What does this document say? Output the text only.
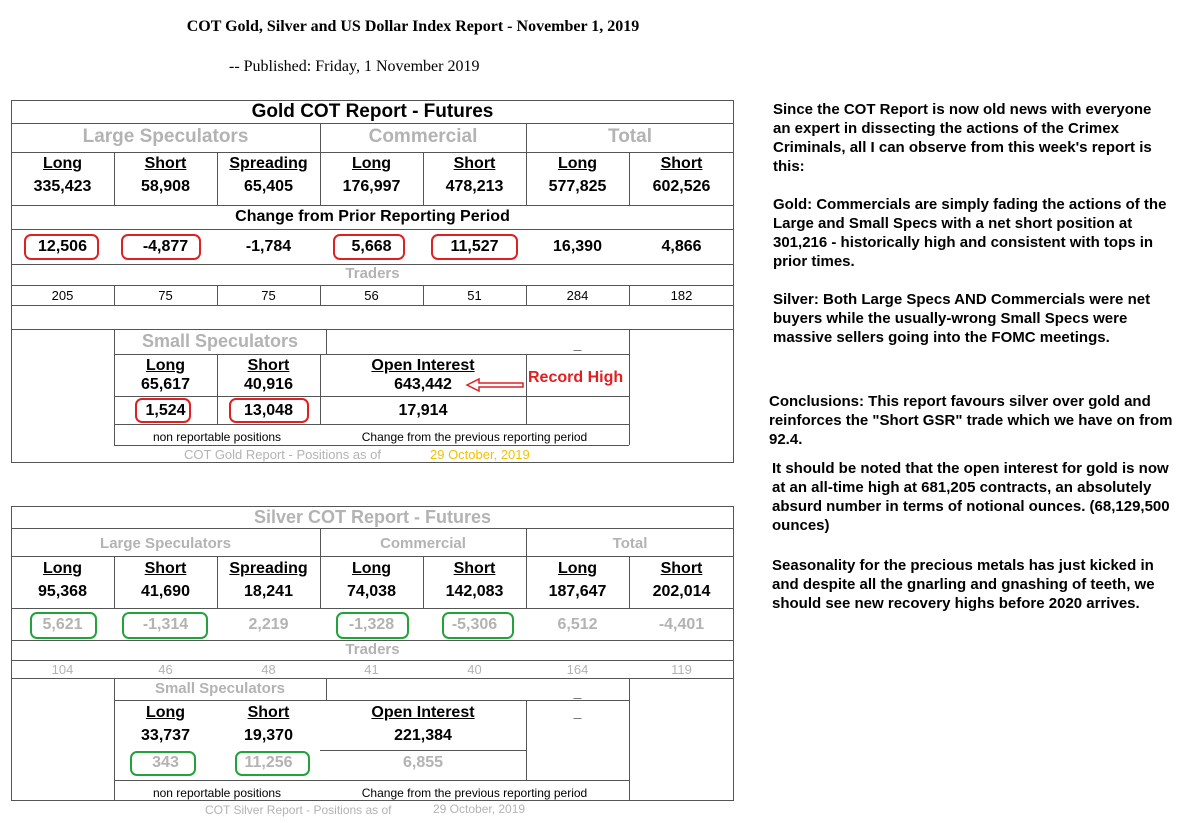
COT Gold, Silver and US Dollar Index Report - November 1, 2019
-- Published: Friday, 1 November 2019
Gold COT Report - Futures
Large Speculators	Commercial	Total
Long	Short	Spreading	Long	Short	Long	Short
335,423	58,908	65,405	176,997	478,213	577,825	602,526
Change from Prior Reporting Period
12,506	-4,877	-1,784	5,668	11,527	16,390	4,866
Traders
205	75	75	56	51	284	182
Small Speculators	_
Long	Short	Open Interest
65,617	40,916	643,442	Record High
1,524	13,048	17,914
non reportable positions	Change from the previous reporting period
COT Gold Report - Positions as of	29 October, 2019
Silver COT Report - Futures
Large Speculators	Commercial	Total
Long	Short	Spreading	Long	Short	Long	Short
95,368	41,690	18,241	74,038	142,083	187,647	202,014
5,621	-1,314	2,219	-1,328	-5,306	6,512	-4,401
Traders
104	46	48	41	40	164	119
Small Speculators	_
_
Long	Short	Open Interest
33,737	19,370	221,384
343	11,256	6,855
non reportable positions	Change from the previous reporting period
COT Silver Report - Positions as of	29 October, 2019
Since the COT Report is now old news with everyone an expert in dissecting the actions of the Crimex Criminals, all I can observe from this week's report is this:
Gold: Commercials are simply fading the actions of the Large and Small Specs with a net short position at 301,216 - historically high and consistent with tops in prior times.
Silver: Both Large Specs AND Commercials were net buyers while the usually-wrong Small Specs were massive sellers going into the FOMC meetings.
Conclusions: This report favours silver over gold and reinforces the "Short GSR" trade which we have on from 92.4.
It should be noted that the open interest for gold is now at an all-time high at 681,205 contracts, an absolutely absurd number in terms of notional ounces. (68,129,500 ounces)
Seasonality for the precious metals has just kicked in and despite all the gnarling and gnashing of teeth, we should see new recovery highs before 2020 arrives.
